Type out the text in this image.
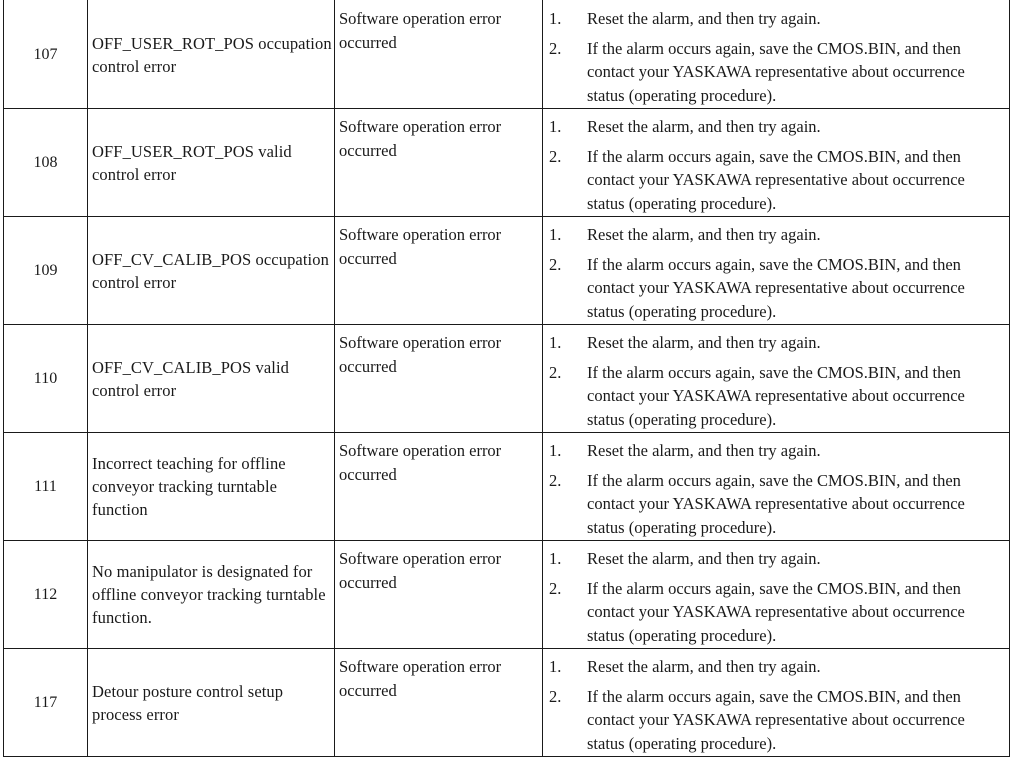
107	OFF_USER_ROT_POS occupation control error	Software operation error occurred	1. Reset the alarm, and then try again.
2. If the alarm occurs again, save the CMOS.BIN, and then contact your YASKAWA representative about occurrence status (operating procedure).

108	OFF_USER_ROT_POS valid control error	Software operation error occurred	1. Reset the alarm, and then try again.
2. If the alarm occurs again, save the CMOS.BIN, and then contact your YASKAWA representative about occurrence status (operating procedure).

109	OFF_CV_CALIB_POS occupation control error	Software operation error occurred	1. Reset the alarm, and then try again.
2. If the alarm occurs again, save the CMOS.BIN, and then contact your YASKAWA representative about occurrence status (operating procedure).

110	OFF_CV_CALIB_POS valid control error	Software operation error occurred	1. Reset the alarm, and then try again.
2. If the alarm occurs again, save the CMOS.BIN, and then contact your YASKAWA representative about occurrence status (operating procedure).

111	Incorrect teaching for offline conveyor tracking turntable function	Software operation error occurred	1. Reset the alarm, and then try again.
2. If the alarm occurs again, save the CMOS.BIN, and then contact your YASKAWA representative about occurrence status (operating procedure).

112	No manipulator is designated for offline conveyor tracking turntable function.	Software operation error occurred	1. Reset the alarm, and then try again.
2. If the alarm occurs again, save the CMOS.BIN, and then contact your YASKAWA representative about occurrence status (operating procedure).

117	Detour posture control setup process error	Software operation error occurred	1. Reset the alarm, and then try again.
2. If the alarm occurs again, save the CMOS.BIN, and then contact your YASKAWA representative about occurrence status (operating procedure).
